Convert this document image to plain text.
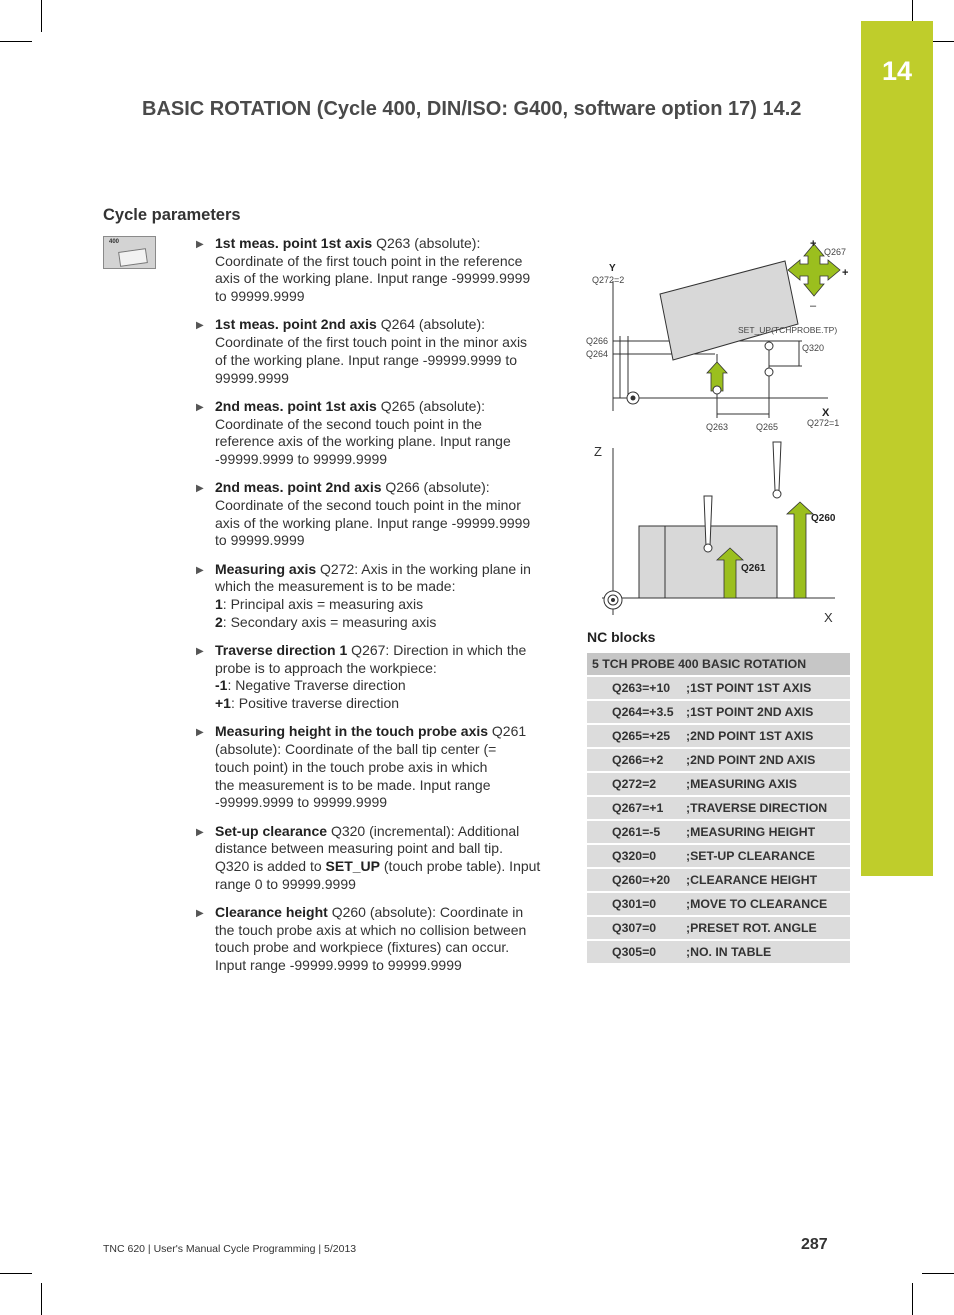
14
BASIC ROTATION (Cycle 400, DIN/ISO: G400, software option 17) 14.2
Cycle parameters
400	▶ 1st meas. point 1st axis Q263 (absolute):
Coordinate of the first touch point in the reference
axis of the working plane. Input range -99999.9999
to 99999.9999
▶ 1st meas. point 2nd axis Q264 (absolute):
Coordinate of the first touch point in the minor axis
of the working plane. Input range -99999.9999 to
99999.9999
▶ 2nd meas. point 1st axis Q265 (absolute):
Coordinate of the second touch point in the
reference axis of the working plane. Input range
-99999.9999 to 99999.9999
▶ 2nd meas. point 2nd axis Q266 (absolute):
Coordinate of the second touch point in the minor
axis of the working plane. Input range -99999.9999
to 99999.9999
▶ Measuring axis Q272: Axis in the working plane in
which the measurement is to be made:
1: Principal axis = measuring axis
2: Secondary axis = measuring axis
▶ Traverse direction 1 Q267: Direction in which the
probe is to approach the workpiece:
-1: Negative Traverse direction
+1: Positive traverse direction
▶ Measuring height in the touch probe axis Q261
(absolute): Coordinate of the ball tip center (=
touch point) in the touch probe axis in which
the measurement is to be made. Input range
-99999.9999 to 99999.9999
▶ Set-up clearance Q320 (incremental): Additional
distance between measuring point and ball tip.
Q320 is added to SET_UP (touch probe table). Input
range 0 to 99999.9999
▶ Clearance height Q260 (absolute): Coordinate in
the touch probe axis at which no collision between
touch probe and workpiece (fixtures) can occur.
Input range -99999.9999 to 99999.9999
Y
Q272=2
X
Q272=1
Q266
Q264
Q263	Q265
Q267
Q320
SET_UP(TCHPROBE.TP)
+
+
–
Z
X
Q260
Q261
NC blocks
5 TCH PROBE 400 BASIC ROTATION	
Q263=+10	;1ST POINT 1ST AXIS
Q264=+3.5	;1ST POINT 2ND AXIS
Q265=+25	;2ND POINT 1ST AXIS
Q266=+2	;2ND POINT 2ND AXIS
Q272=2	;MEASURING AXIS
Q267=+1	;TRAVERSE DIRECTION
Q261=-5	;MEASURING HEIGHT
Q320=0	;SET-UP CLEARANCE
Q260=+20	;CLEARANCE HEIGHT
Q301=0	;MOVE TO CLEARANCE
Q307=0	;PRESET ROT. ANGLE
Q305=0	;NO. IN TABLE
TNC 620 | User's Manual Cycle Programming | 5/2013	287
